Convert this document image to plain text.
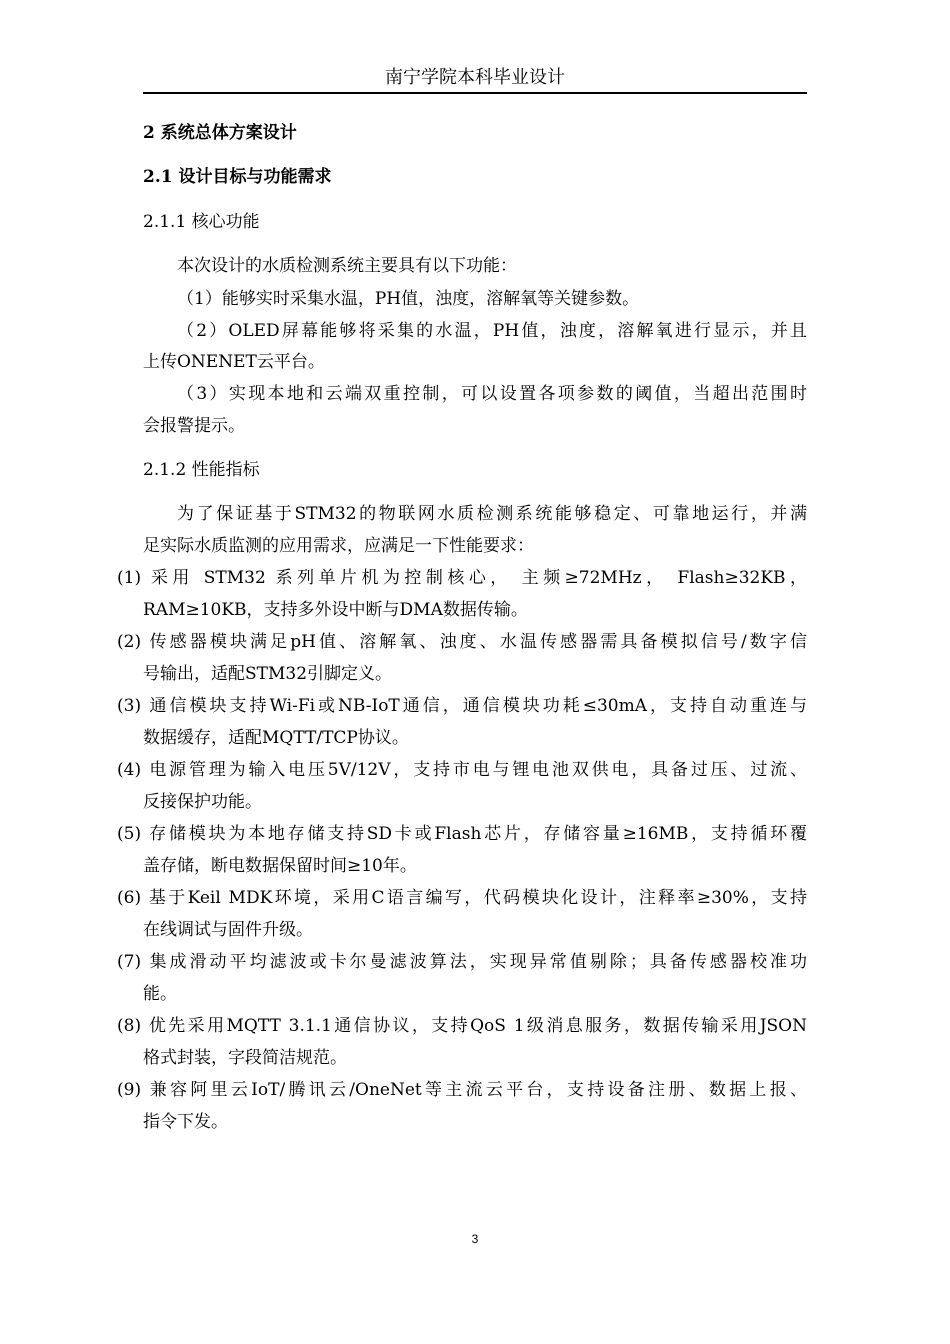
南宁学院本科毕业设计
2 系统总体方案设计
2.1 设计目标与功能需求
2.1.1 核心功能
本次设计的水质检测系统主要具有以下功能：
（1）能够实时采集水温，PH值，浊度，溶解氧等关键参数。
（2）OLED屏幕能够将采集的水温，PH值，浊度，溶解氧进行显示，并且
上传ONENET云平台。
（3）实现本地和云端双重控制，可以设置各项参数的阈值，当超出范围时
会报警提示。
2.1.2 性能指标
为了保证基于STM32的物联网水质检测系统能够稳定、可靠地运行，并满
足实际水质监测的应用需求，应满足一下性能要求：
(1) 采用 STM32 系列单片机为控制核心， 主频≥72MHz， Flash≥32KB，
RAM≥10KB，支持多外设中断与DMA数据传输。
(2) 传感器模块满足pH值、溶解氧、浊度、水温传感器需具备模拟信号/数字信
号输出，适配STM32引脚定义。
(3) 通信模块支持Wi-Fi或NB-IoT通信，通信模块功耗≤30mA，支持自动重连与
数据缓存，适配MQTT/TCP协议。
(4) 电源管理为输入电压5V/12V，支持市电与锂电池双供电，具备过压、过流、
反接保护功能。
(5) 存储模块为本地存储支持SD卡或Flash芯片，存储容量≥16MB，支持循环覆
盖存储，断电数据保留时间≥10年。
(6) 基于Keil MDK环境，采用C语言编写，代码模块化设计，注释率≥30%，支持
在线调试与固件升级。
(7) 集成滑动平均滤波或卡尔曼滤波算法，实现异常值剔除；具备传感器校准功
能。
(8) 优先采用MQTT 3.1.1通信协议，支持QoS 1级消息服务，数据传输采用JSON
格式封装，字段简洁规范。
(9) 兼容阿里云IoT/腾讯云/OneNet等主流云平台，支持设备注册、数据上报、
指令下发。
3
